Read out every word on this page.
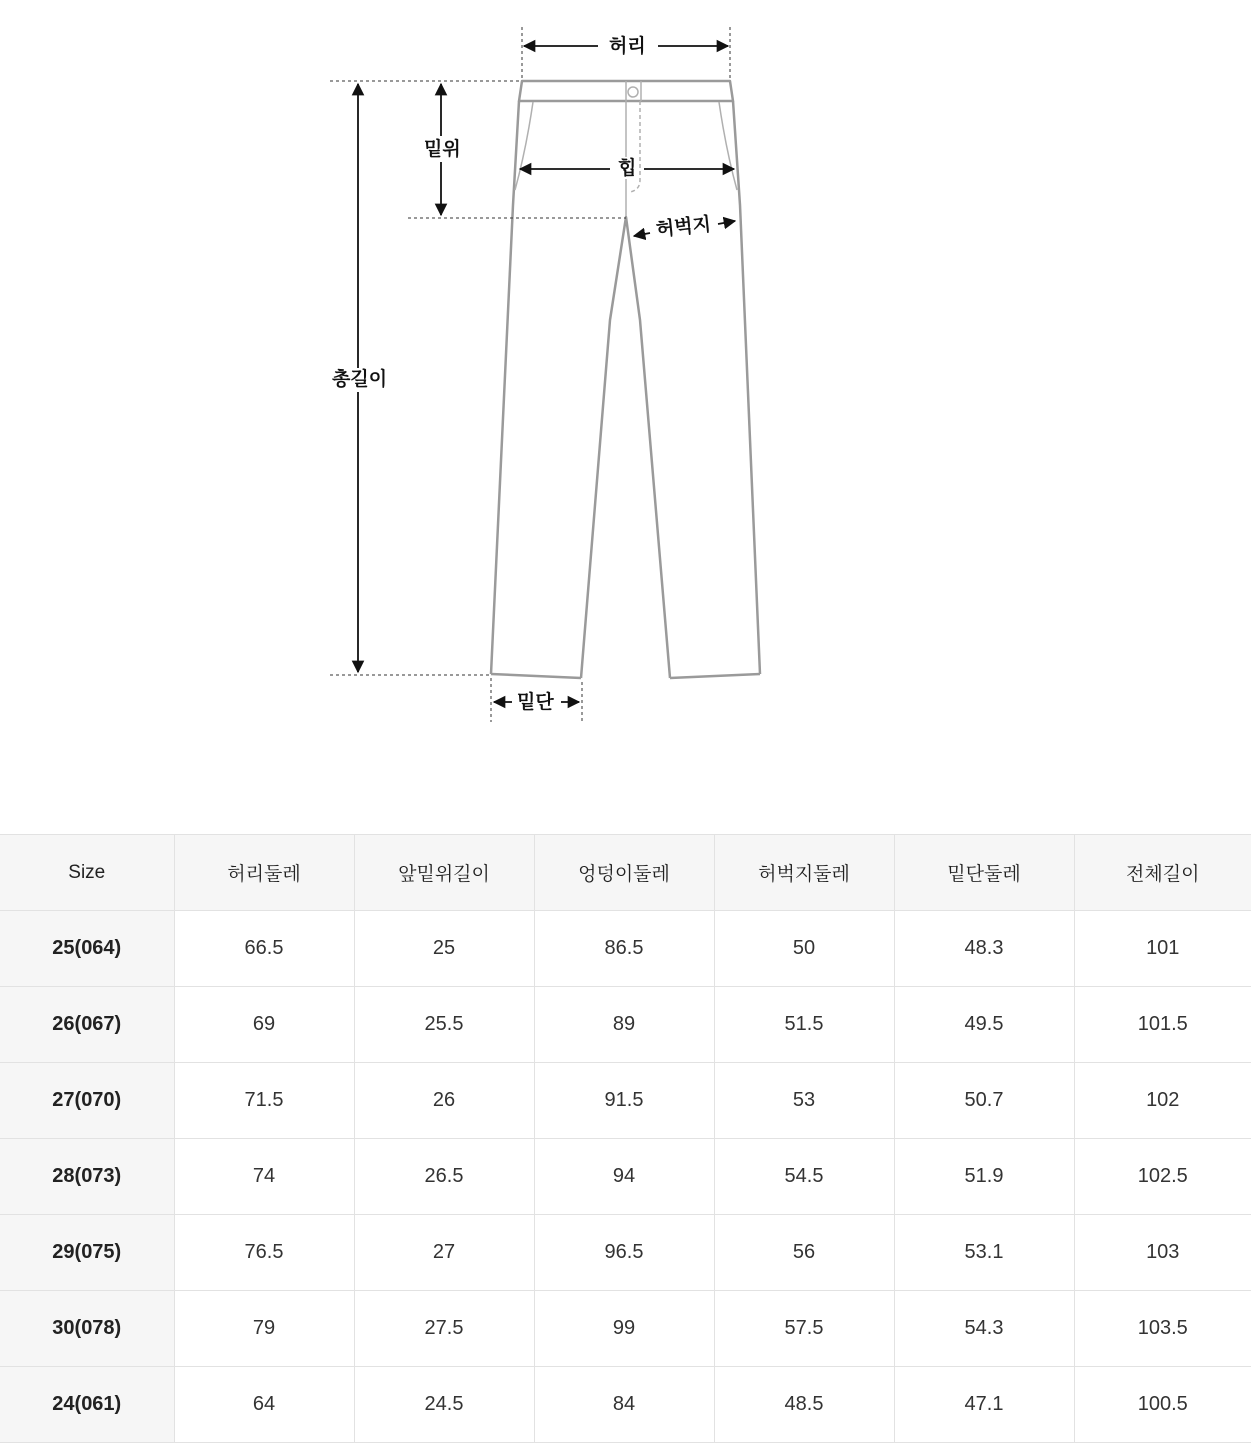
허리
밑위
힙
허벅지
총길이
밑단
Size	허리둘레	앞밑위길이	엉덩이둘레	허벅지둘레	밑단둘레	전체길이
25(064)	66.5	25	86.5	50	48.3	101
26(067)	69	25.5	89	51.5	49.5	101.5
27(070)	71.5	26	91.5	53	50.7	102
28(073)	74	26.5	94	54.5	51.9	102.5
29(075)	76.5	27	96.5	56	53.1	103
30(078)	79	27.5	99	57.5	54.3	103.5
24(061)	64	24.5	84	48.5	47.1	100.5
